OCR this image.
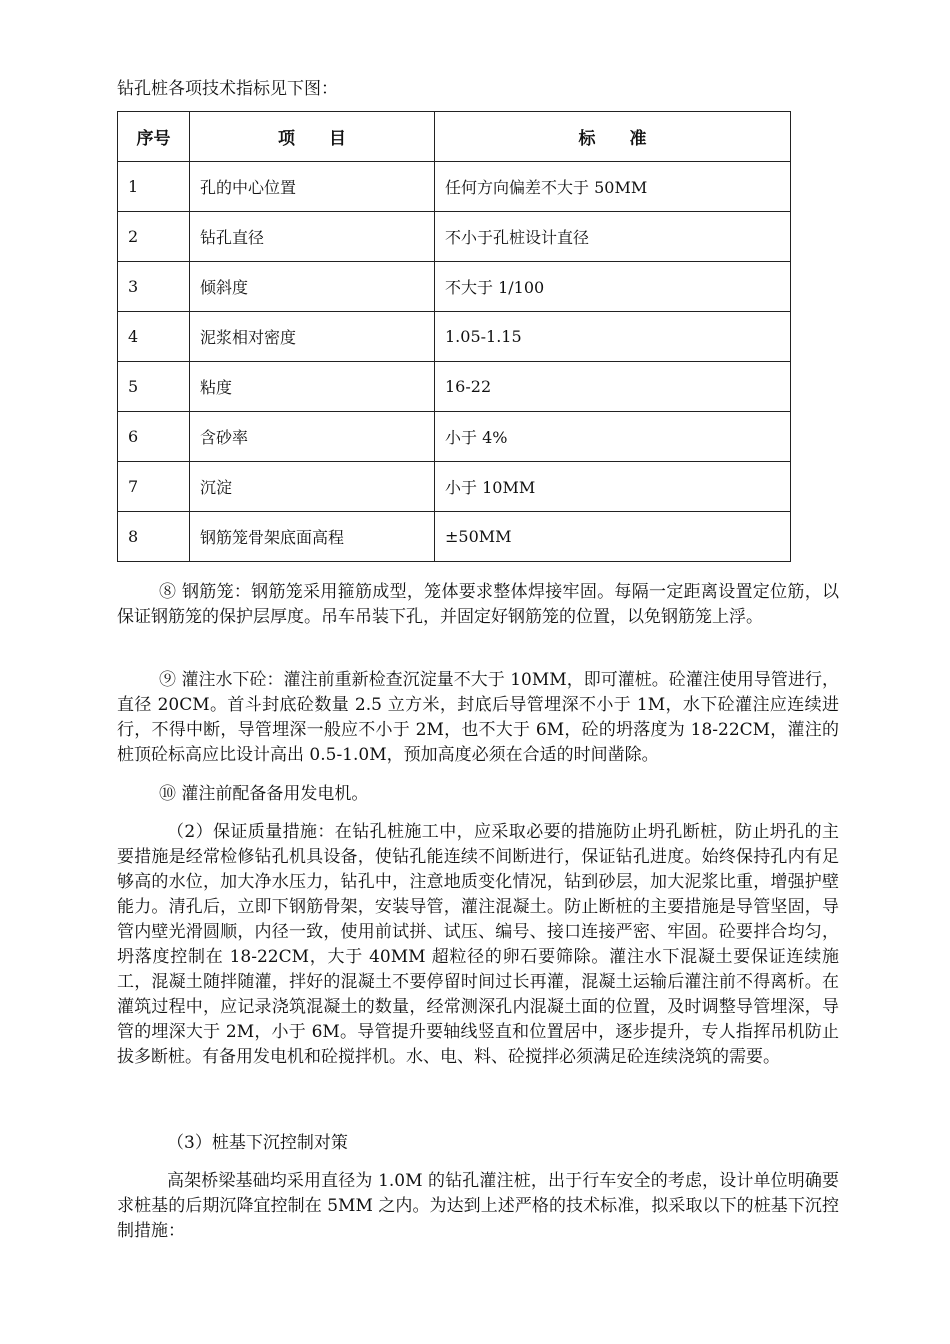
钻孔桩各项技术指标见下图：
序号	项　　目	标　　准
1	孔的中心位置	任何方向偏差不大于 50MM
2	钻孔直径	不小于孔桩设计直径
3	倾斜度	不大于 1/100
4	泥浆相对密度	1.05-1.15
5	粘度	16-22
6	含砂率	小于 4%
7	沉淀	小于 10MM
8	钢筋笼骨架底面高程	±50MM

⑧ 钢筋笼：钢筋笼采用箍筋成型，笼体要求整体焊接牢固。每隔一定距离设置定位筋，以保证钢筋笼的保护层厚度。吊车吊装下孔，并固定好钢筋笼的位置，以免钢筋笼上浮。

⑨ 灌注水下砼：灌注前重新检查沉淀量不大于 10MM，即可灌桩。砼灌注使用导管进行，直径 20CM。首斗封底砼数量 2.5 立方米，封底后导管埋深不小于 1M，水下砼灌注应连续进行，不得中断，导管埋深一般应不小于 2M，也不大于 6M，砼的坍落度为 18-22CM，灌注的桩顶砼标高应比设计高出 0.5-1.0M，预加高度必须在合适的时间凿除。

⑩ 灌注前配备备用发电机。

（2）保证质量措施：在钻孔桩施工中，应采取必要的措施防止坍孔断桩，防止坍孔的主要措施是经常检修钻孔机具设备，使钻孔能连续不间断进行，保证钻孔进度。始终保持孔内有足够高的水位，加大净水压力，钻孔中，注意地质变化情况，钻到砂层，加大泥浆比重，增强护壁能力。清孔后，立即下钢筋骨架，安装导管，灌注混凝土。防止断桩的主要措施是导管坚固，导管内壁光滑圆顺，内径一致，使用前试拼、试压、编号、接口连接严密、牢固。砼要拌合均匀，坍落度控制在 18-22CM，大于 40MM 超粒径的卵石要筛除。灌注水下混凝土要保证连续施工，混凝土随拌随灌，拌好的混凝土不要停留时间过长再灌，混凝土运输后灌注前不得离析。在灌筑过程中，应记录浇筑混凝土的数量，经常测深孔内混凝土面的位置，及时调整导管埋深，导管的埋深大于 2M，小于 6M。导管提升要轴线竖直和位置居中，逐步提升，专人指挥吊机防止拔多断桩。有备用发电机和砼搅拌机。水、电、料、砼搅拌必须满足砼连续浇筑的需要。

（3）桩基下沉控制对策

高架桥梁基础均采用直径为 1.0M 的钻孔灌注桩，出于行车安全的考虑，设计单位明确要求桩基的后期沉降宜控制在 5MM 之内。为达到上述严格的技术标准，拟采取以下的桩基下沉控制措施：
